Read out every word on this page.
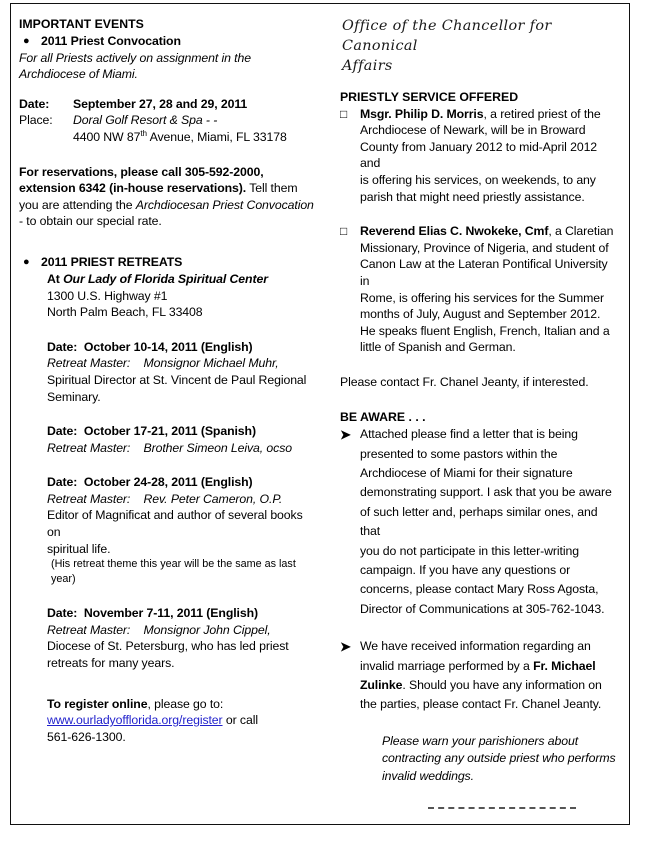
IMPORTANT EVENTS
● 2011 Priest Convocation
For all Priests actively on assignment in the
Archdiocese of Miami.
Date:	September 27, 28 and 29, 2011
Place:	Doral Golf Resort & Spa - -
4400 NW 87th Avenue, Miami, FL 33178
For reservations, please call 305-592-2000,
extension 6342 (in-house reservations). Tell them
you are attending the Archdiocesan Priest Convocation
- to obtain our special rate.
● 2011 PRIEST RETREATS
At Our Lady of Florida Spiritual Center
1300 U.S. Highway #1
North Palm Beach, FL 33408
Date: October 10-14, 2011 (English)
Retreat Master: Monsignor Michael Muhr,
Spiritual Director at St. Vincent de Paul Regional
Seminary.
Date: October 17-21, 2011 (Spanish)
Retreat Master: Brother Simeon Leiva, ocso
Date: October 24-28, 2011 (English)
Retreat Master: Rev. Peter Cameron, O.P.
Editor of Magnificat and author of several books on
spiritual life.
(His retreat theme this year will be the same as last year)
Date: November 7-11, 2011 (English)
Retreat Master: Monsignor John Cippel,
Diocese of St. Petersburg, who has led priest
retreats for many years.
To register online, please go to:
www.ourladyofflorida.org/register or call
561-626-1300.
Office of the Chancellor for Canonical
Affairs
PRIESTLY SERVICE OFFERED
□	Msgr. Philip D. Morris, a retired priest of the
Archdiocese of Newark, will be in Broward
County from January 2012 to mid-April 2012 and
is offering his services, on weekends, to any
parish that might need priestly assistance.
□	Reverend Elias C. Nwokeke, Cmf, a Claretian
Missionary, Province of Nigeria, and student of
Canon Law at the Lateran Pontifical University in
Rome, is offering his services for the Summer
months of July, August and September 2012.
He speaks fluent English, French, Italian and a
little of Spanish and German.
Please contact Fr. Chanel Jeanty, if interested.
BE AWARE . . .
➤ Attached please find a letter that is being
presented to some pastors within the
Archdiocese of Miami for their signature
demonstrating support. I ask that you be aware
of such letter and, perhaps similar ones, and that
you do not participate in this letter-writing
campaign. If you have any questions or
concerns, please contact Mary Ross Agosta,
Director of Communications at 305-762-1043.
➤ We have received information regarding an
invalid marriage performed by a Fr. Michael
Zulinke. Should you have any information on
the parties, please contact Fr. Chanel Jeanty.
Please warn your parishioners about
contracting any outside priest who performs
invalid weddings.
